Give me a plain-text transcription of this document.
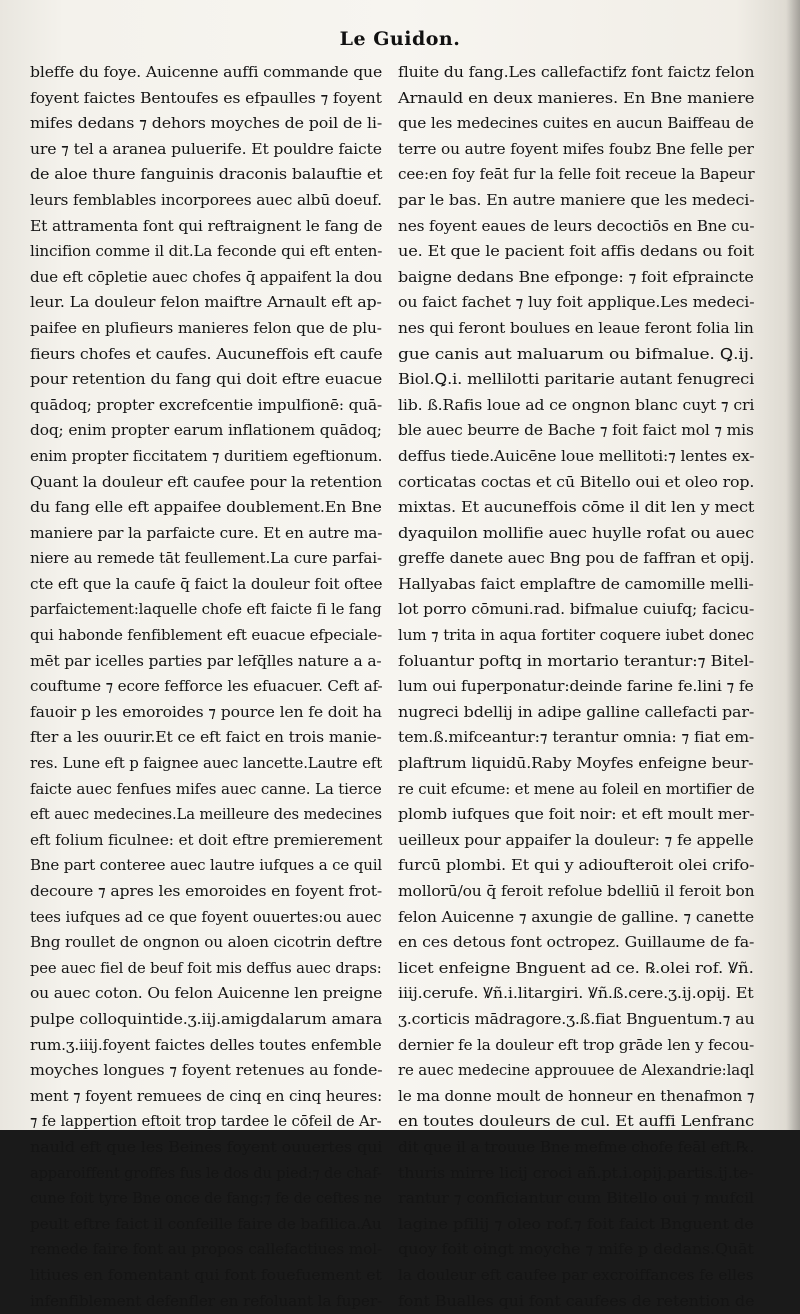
Le Guidon.
bleffe du foye. Auicenne auffi commande que
foyent faictes Bentoufes es efpaulles ⁊ foyent
mifes dedans ⁊ dehors moyches de poil de li-
ure ⁊ tel a aranea puluerife. Et pouldre faicte
de aloe thure fanguinis draconis balauftie et
leurs femblables incorporees auec albū doeuf.
Et attramenta font qui reftraignent le fang de
lincifion comme il dit.La feconde qui eft enten-
due eft cōpletie auec chofes q̄ appaifent la dou
leur. La douleur felon maiftre Arnault eft ap-
paifee en plufieurs manieres felon que de plu-
fieurs chofes et caufes. Aucuneffois eft caufe
pour retention du fang qui doit eftre euacue
quādoq; propter excrefcentie impulfionē: quā-
doq; enim propter earum inflationem quādoq;
enim propter ficcitatem ⁊ duritiem egeftionum.
Quant la douleur eft caufee pour la retention
du fang elle eft appaifee doublement.En Bne
maniere par la parfaicte cure. Et en autre ma-
niere au remede tāt feullement.La cure parfai-
cte eft que la caufe q̄ faict la douleur foit oftee
parfaictement:laquelle chofe eft faicte fi le fang
qui habonde fenfiblement eft euacue efpeciale-
mēt par icelles parties par lefq̄lles nature a a-
couftume ⁊ ecore fefforce les efuacuer. Ceft af-
fauoir p les emoroides ⁊ pource len fe doit ha
fter a les ouurir.Et ce eft faict en trois manie-
res. Lune eft p faignee auec lancette.Lautre eft
faicte auec fenfues mifes auec canne. La tierce
eft auec medecines.La meilleure des medecines
eft folium ficulnee: et doit eftre premierement
Bne part conteree auec lautre iufques a ce quil
decoure ⁊ apres les emoroides en foyent frot-
tees iufques ad ce que foyent ouuertes:ou auec
Bng roullet de ongnon ou aloen cicotrin deftre
pee auec fiel de beuf foit mis deffus auec draps:
ou auec coton. Ou felon Auicenne len preigne
pulpe colloquintide.ʒ.iij.amigdalarum amara
rum.ʒ.iiij.foyent faictes delles toutes enfemble
moyches longues ⁊ foyent retenues au fonde-
ment ⁊ foyent remuees de cinq en cinq heures:
⁊ fe lappertion eftoit trop tardee le cōfeil de Ar-
nauld eft que les Beines foyent ouuertes qui
apparoiffent groffes fus le dos du pied:⁊ de chaf-
cune foit tyre Bne once de fang:⁊ fe de ceftes ne
peult eftre faict il confeille faire de bafilica.Au
remede faire font au propos callefactiues mol-
litiues en fomentant qui font fouefuement et
infenfiblement defenfler en refoluant la fuper-
fluite du fang.Les callefactifz font faictz felon
Arnauld en deux manieres. En Bne maniere
que les medecines cuites en aucun Baiffeau de
terre ou autre foyent mifes foubz Bne felle per
cee:en foy feāt fur la felle foit receue la Bapeur
par le bas. En autre maniere que les medeci-
nes foyent eaues de leurs decoctiōs en Bne cu-
ue. Et que le pacient foit affis dedans ou foit
baigne dedans Bne efponge: ⁊ foit efpraincte
ou faict fachet ⁊ luy foit applique.Les medeci-
nes qui feront boulues en leaue feront folia lin
gue canis aut maluarum ou bifmalue. Ꝗ.ij.
Biol.Ꝗ.i. mellilotti paritarie autant fenugreci
lib. ß.Rafis loue ad ce ongnon blanc cuyt ⁊ cri
ble auec beurre de Bache ⁊ foit faict mol ⁊ mis
deffus tiede.Auicēne loue mellitoti:⁊ lentes ex-
corticatas coctas et cū Bitello oui et oleo rop.
mixtas. Et aucuneffois cōme il dit len y mect
dyaquilon mollifie auec huylle rofat ou auec
greffe danete auec Bng pou de faffran et opij.
Hallyabas faict emplaftre de camomille melli-
lot porro cōmuni.rad. bifmalue cuiufq; facicu-
lum ⁊ trita in aqua fortiter coquere iubet donec
foluantur poftq in mortario terantur:⁊ Bitel-
lum oui fuperponatur:deinde farine fe.lini ⁊ fe
nugreci bdellij in adipe galline callefacti par-
tem.ß.mifceantur:⁊ terantur omnia: ⁊ fiat em-
plaftrum liquidū.Raby Moyfes enfeigne beur-
re cuit efcume: et mene au foleil en mortifier de
plomb iufques que foit noir: et eft moult mer-
ueilleux pour appaifer la douleur: ⁊ fe appelle
furcū plombi. Et qui y adioufteroit olei crifo-
mollorū/ou q̄ feroit refolue bdelliū il feroit bon
felon Auicenne ⁊ axungie de galline. ⁊ canette
en ces detous font octropez. Guillaume de fa-
licet enfeigne Bnguent ad ce. ℞.olei rof. Ꝟñ.
iiij.cerufe. Ꝟñ.i.litargiri. Ꝟñ.ß.cere.ʒ.ij.opij. Et
ʒ.corticis mādragore.ʒ.ß.fiat Bnguentum.⁊ au
dernier fe la douleur eft trop grāde len y fecou-
re auec medecine approuuee de Alexandrie:laql
le ma donne moult de honneur en thenafmon ⁊
en toutes douleurs de cul. Et auffi Lenfranc
dit que il a trouue Bne mefme chofe feāl eft.℞.
thuris mirre licij croci añ.pt.i.opij.partis.ij.te-
rantur ⁊ conficiantur cum Bitello oui ⁊ mufcil
lagine pfilij ⁊ oleo rof.⁊ foit faict Bnguent de
quoy foit oingt moyche ⁊ mife p dedans.Quāt
la douleur eft caufee par excroiffances fe elles
font Bualles qui font caufees de retention de
